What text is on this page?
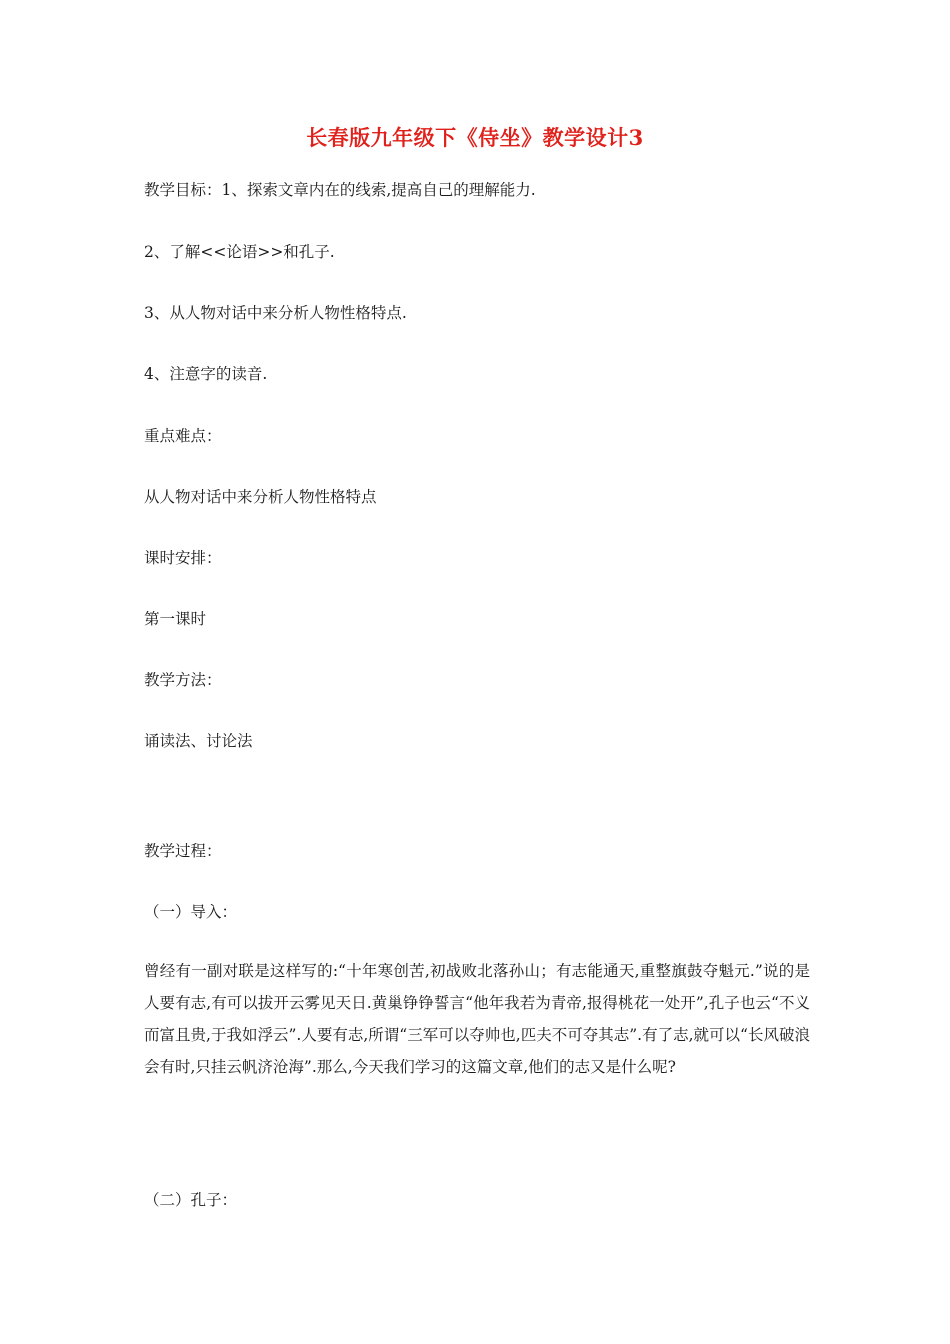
长春版九年级下《侍坐》教学设计3
教学目标：1、探索文章内在的线索,提高自己的理解能力.
2、了解<<论语>>和孔子.
3、从人物对话中来分析人物性格特点.
4、注意字的读音.
重点难点：
从人物对话中来分析人物性格特点
课时安排：
第一课时
教学方法：
诵读法、讨论法
教学过程：
（一）导入：
曾经有一副对联是这样写的:“十年寒创苦,初战败北落孙山；有志能通天,重整旗鼓夺魁元.”说的是人要有志,有可以拔开云雾见天日.黄巢铮铮誓言“他年我若为青帝,报得桃花一处开”,孔子也云“不义而富且贵,于我如浮云”.人要有志,所谓“三军可以夺帅也,匹夫不可夺其志”.有了志,就可以“长风破浪会有时,只挂云帆济沧海”.那么,今天我们学习的这篇文章,他们的志又是什么呢?
（二）孔子：
